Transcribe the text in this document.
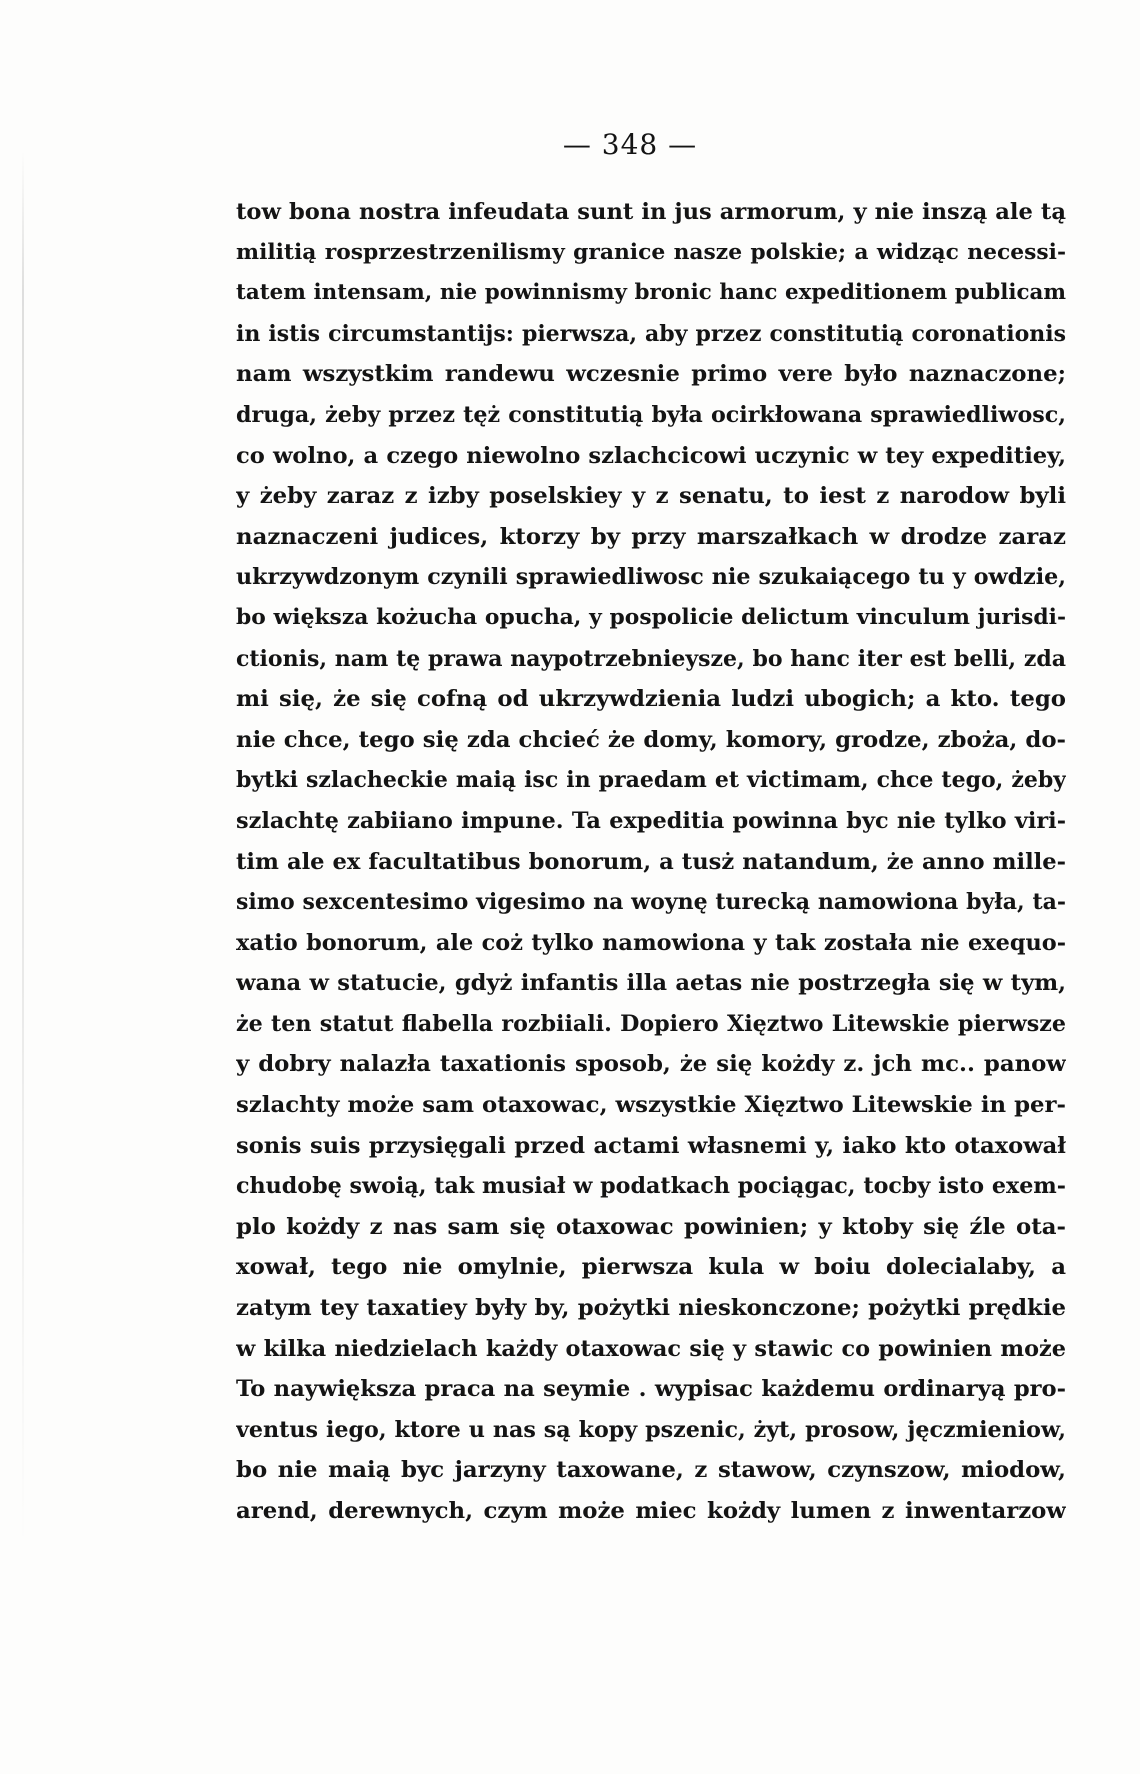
— 348 —
tow bona nostra infeudata sunt in jus armorum, y nie inszą ale tą
militią rosprzestrzenilismy granice nasze polskie; a widząc necessi-
tatem intensam, nie powinnismy bronic hanc expeditionem publicam
in istis circumstantijs: pierwsza, aby przez constitutią coronationis
nam wszystkim randewu wczesnie primo vere było naznaczone;
druga, żeby przez tęż constitutią była ocirkłowana sprawiedliwosc,
co wolno, a czego niewolno szlachcicowi uczynic w tey expeditiey,
y żeby zaraz z izby poselskiey y z senatu, to iest z narodow byli
naznaczeni judices, ktorzy by przy marszałkach w drodze zaraz
ukrzywdzonym czynili sprawiedliwosc nie szukaiącego tu y owdzie,
bo większa kożucha opucha, y pospolicie delictum vinculum jurisdi-
ctionis, nam tę prawa naypotrzebnieysze, bo hanc iter est belli, zda
mi się, że się cofną od ukrzywdzienia ludzi ubogich; a kto. tego
nie chce, tego się zda chcieć że domy, komory, grodze, zboża, do-
bytki szlacheckie maią isc in praedam et victimam, chce tego, żeby
szlachtę zabiiano impune. Ta expeditia powinna byc nie tylko viri-
tim ale ex facultatibus bonorum, a tusż natandum, że anno mille-
simo sexcentesimo vigesimo na woynę turecką namowiona była, ta-
xatio bonorum, ale coż tylko namowiona y tak została nie exequo-
wana w statucie, gdyż infantis illa aetas nie postrzegła się w tym,
że ten statut flabella rozbiiali. Dopiero Xięztwo Litewskie pierwsze
y dobry nalazła taxationis sposob, że się kożdy z. jch mc.. panow
szlachty może sam otaxowac, wszystkie Xięztwo Litewskie in per-
sonis suis przysięgali przed actami własnemi y, iako kto otaxował
chudobę swoią, tak musiał w podatkach pociągac, tocby isto exem-
plo kożdy z nas sam się otaxowac powinien; y ktoby się źle ota-
xował, tego nie omylnie, pierwsza kula w boiu dolecialaby, a
zatym tey taxatiey były by, pożytki nieskonczone; pożytki prędkie
w kilka niedzielach każdy otaxowac się y stawic co powinien może
To naywiększa praca na seymie . wypisac każdemu ordinaryą pro-
ventus iego, ktore u nas są kopy pszenic, żyt, prosow, jęczmieniow,
bo nie maią byc jarzyny taxowane, z stawow, czynszow, miodow,
arend, derewnych, czym może miec kożdy lumen z inwentarzow
